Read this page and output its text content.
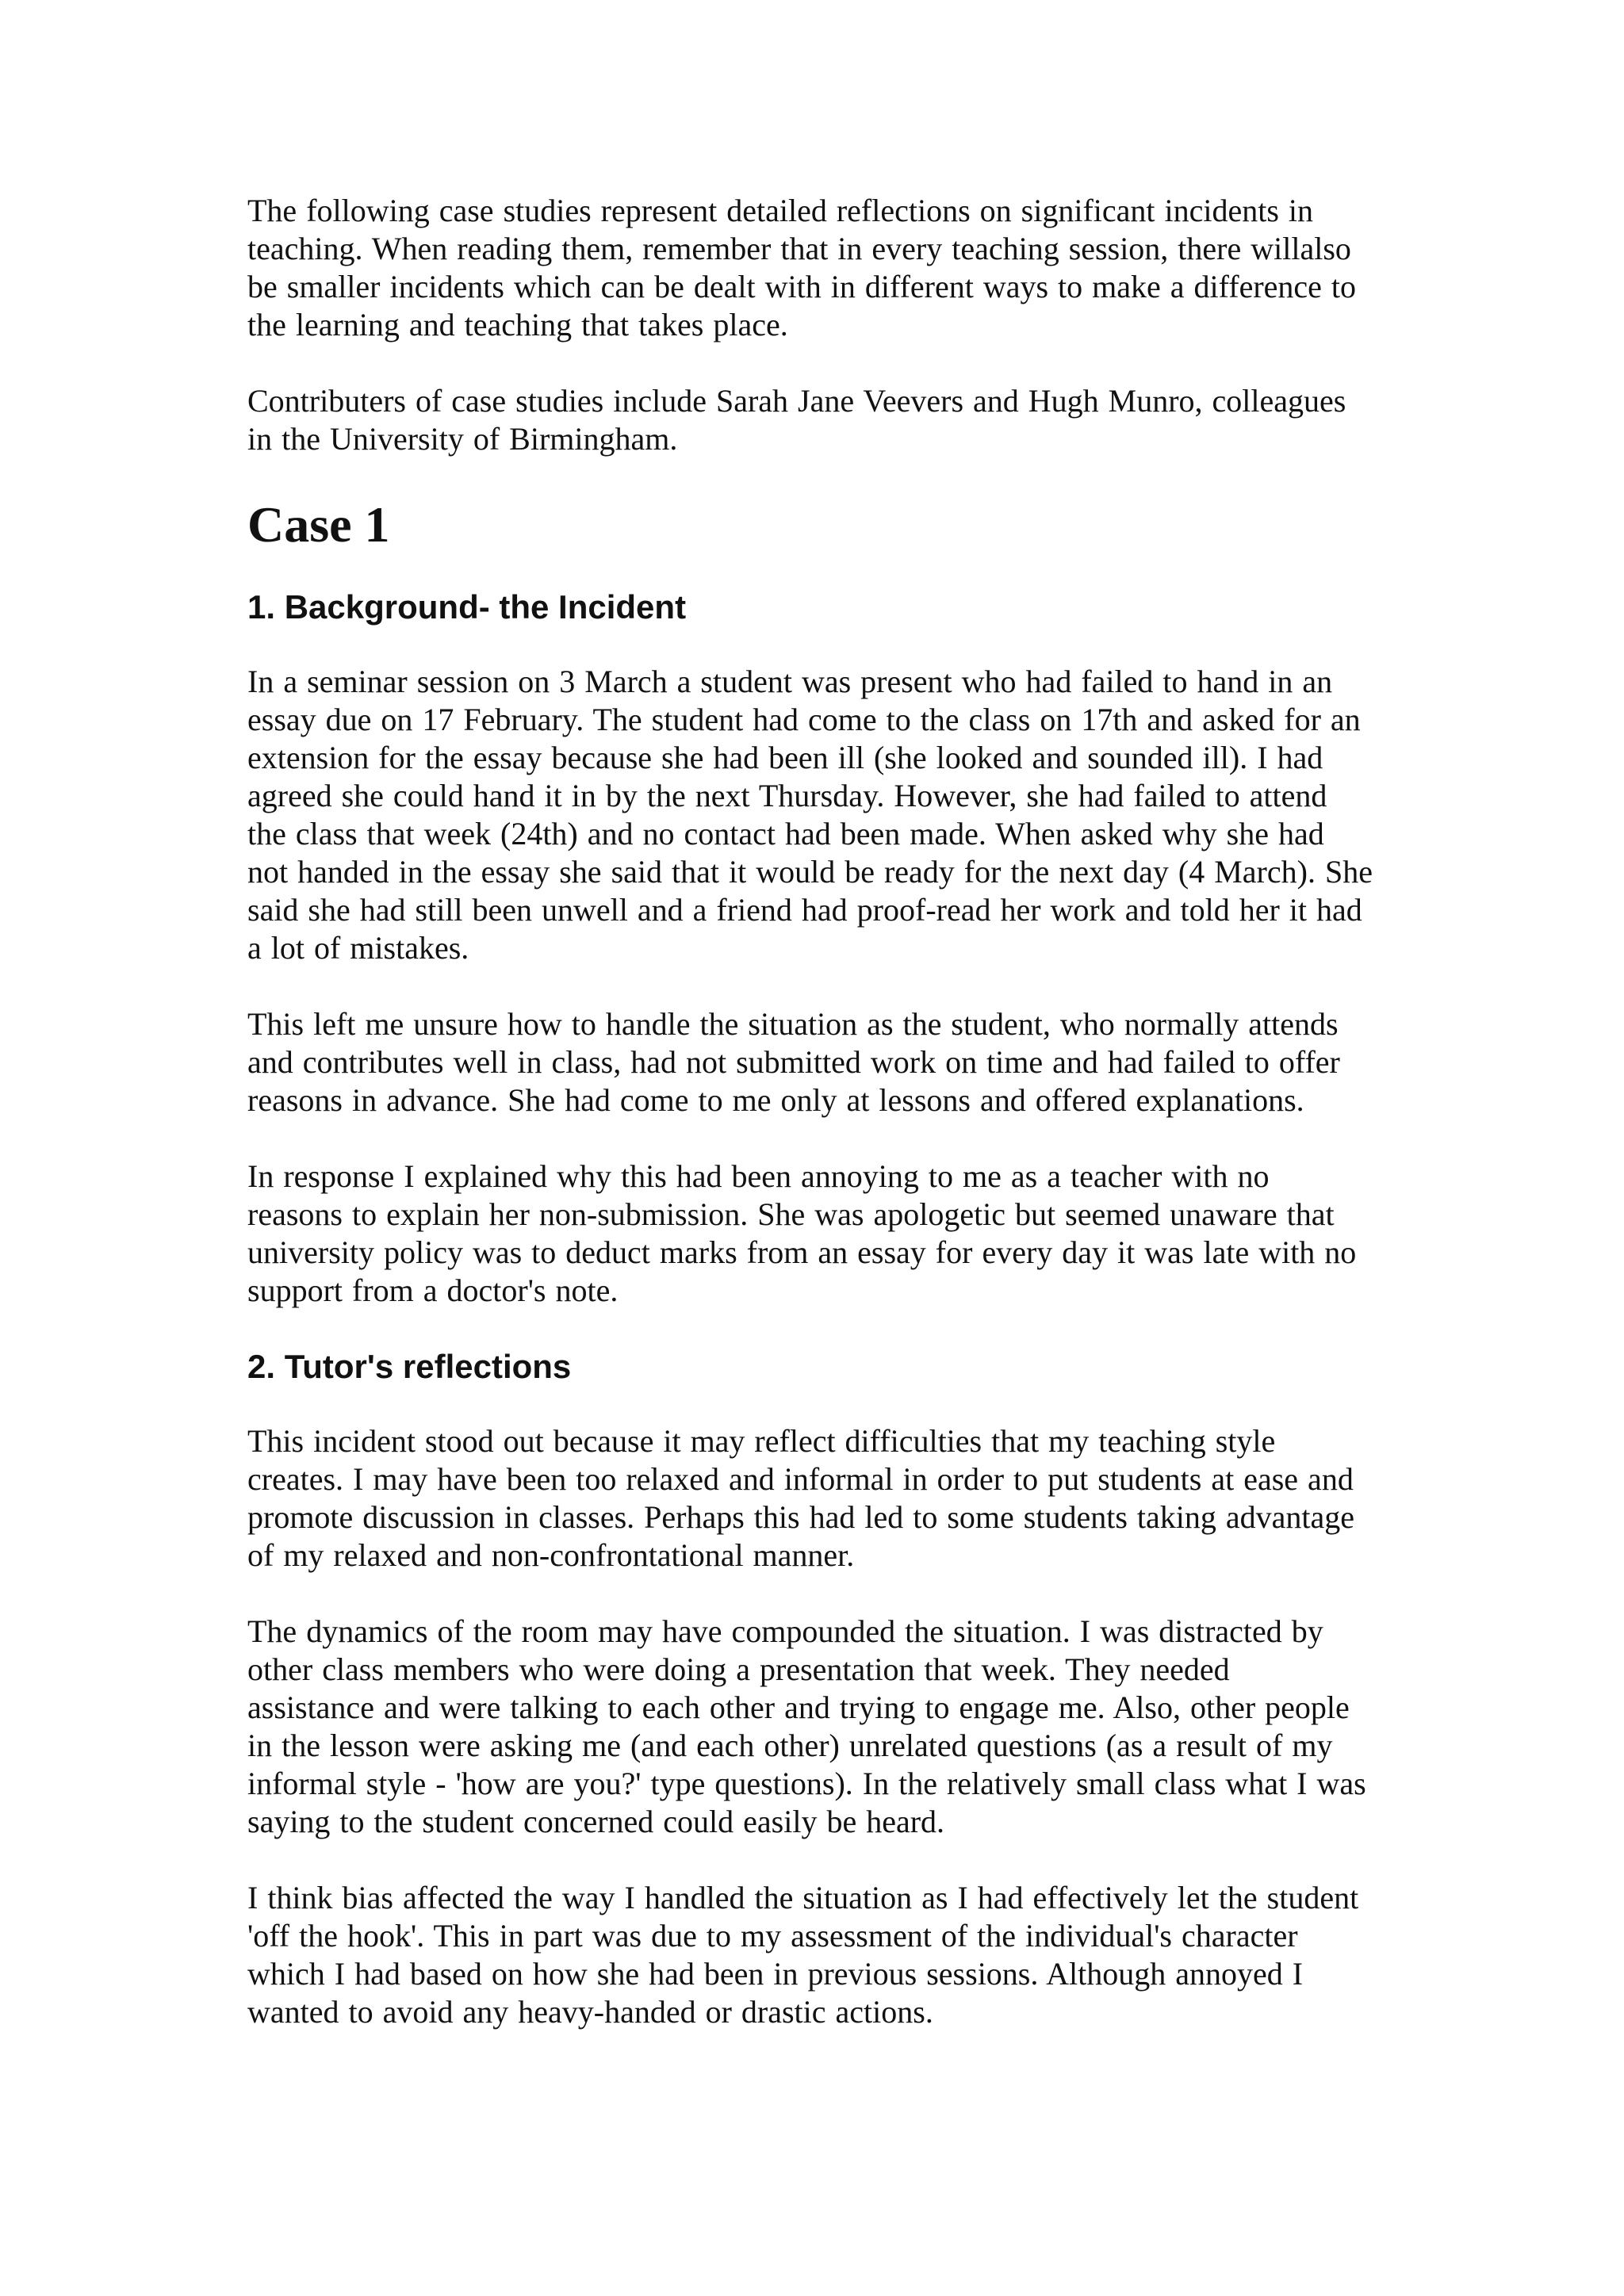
The following case studies represent detailed reflections on significant incidents in
teaching. When reading them, remember that in every teaching session, there willalso
be smaller incidents which can be dealt with in different ways to make a difference to
the learning and teaching that takes place.

Contributers of case studies include Sarah Jane Veevers and Hugh Munro, colleagues
in the University of Birmingham.

Case 1
1. Background- the Incident

In a seminar session on 3 March a student was present who had failed to hand in an
essay due on 17 February. The student had come to the class on 17th and asked for an
extension for the essay because she had been ill (she looked and sounded ill). I had
agreed she could hand it in by the next Thursday. However, she had failed to attend
the class that week (24th) and no contact had been made. When asked why she had
not handed in the essay she said that it would be ready for the next day (4 March). She
said she had still been unwell and a friend had proof-read her work and told her it had
a lot of mistakes.

This left me unsure how to handle the situation as the student, who normally attends
and contributes well in class, had not submitted work on time and had failed to offer
reasons in advance. She had come to me only at lessons and offered explanations.

In response I explained why this had been annoying to me as a teacher with no
reasons to explain her non-submission. She was apologetic but seemed unaware that
university policy was to deduct marks from an essay for every day it was late with no
support from a doctor's note.

2. Tutor's reflections

This incident stood out because it may reflect difficulties that my teaching style
creates. I may have been too relaxed and informal in order to put students at ease and
promote discussion in classes. Perhaps this had led to some students taking advantage
of my relaxed and non-confrontational manner.

The dynamics of the room may have compounded the situation. I was distracted by
other class members who were doing a presentation that week. They needed
assistance and were talking to each other and trying to engage me. Also, other people
in the lesson were asking me (and each other) unrelated questions (as a result of my
informal style - 'how are you?' type questions). In the relatively small class what I was
saying to the student concerned could easily be heard.

I think bias affected the way I handled the situation as I had effectively let the student
'off the hook'. This in part was due to my assessment of the individual's character
which I had based on how she had been in previous sessions. Although annoyed I
wanted to avoid any heavy-handed or drastic actions.
